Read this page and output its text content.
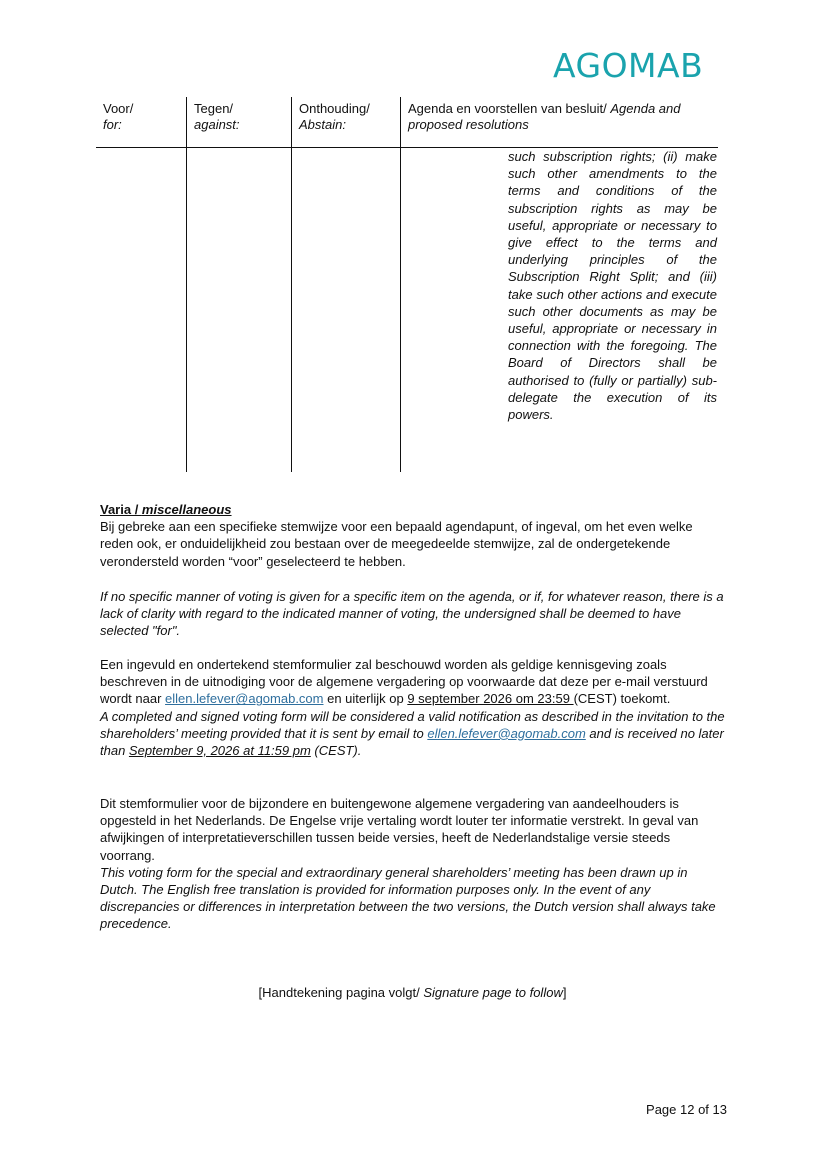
AGOMAB
Voor/
for:
Tegen/
against:
Onthouding/
Abstain:
Agenda en voorstellen van besluit/ Agenda and proposed resolutions

such subscription rights; (ii) make such other amendments to the terms and conditions of the subscription rights as may be useful, appropriate or necessary to give effect to the terms and underlying principles of the Subscription Right Split; and (iii) take such other actions and execute such other documents as may be useful, appropriate or necessary in connection with the foregoing. The Board of Directors shall be authorised to (fully or partially) sub-delegate the execution of its powers.

Varia / miscellaneous

Bij gebreke aan een specifieke stemwijze voor een bepaald agendapunt, of ingeval, om het even welke reden ook, er onduidelijkheid zou bestaan over de meegedeelde stemwijze, zal de ondergetekende verondersteld worden “voor” geselecteerd te hebben.

If no specific manner of voting is given for a specific item on the agenda, or if, for whatever reason, there is a lack of clarity with regard to the indicated manner of voting, the undersigned shall be deemed to have selected "for".

Een ingevuld en ondertekend stemformulier zal beschouwd worden als geldige kennisgeving zoals beschreven in de uitnodiging voor de algemene vergadering op voorwaarde dat deze per e-mail verstuurd wordt naar ellen.lefever@agomab.com en uiterlijk op 9 september 2026 om 23:59 (CEST) toekomt.

A completed and signed voting form will be considered a valid notification as described in the invitation to the shareholders’ meeting provided that it is sent by email to ellen.lefever@agomab.com and is received no later than September 9, 2026 at 11:59 pm (CEST).

Dit stemformulier voor de bijzondere en buitengewone algemene vergadering van aandeelhouders is opgesteld in het Nederlands. De Engelse vrije vertaling wordt louter ter informatie verstrekt. In geval van afwijkingen of interpretatieverschillen tussen beide versies, heeft de Nederlandstalige versie steeds voorrang.

This voting form for the special and extraordinary general shareholders’ meeting has been drawn up in Dutch. The English free translation is provided for information purposes only. In the event of any discrepancies or differences in interpretation between the two versions, the Dutch version shall always take precedence.

[Handtekening pagina volgt/ Signature page to follow]
Page 12 of 13
